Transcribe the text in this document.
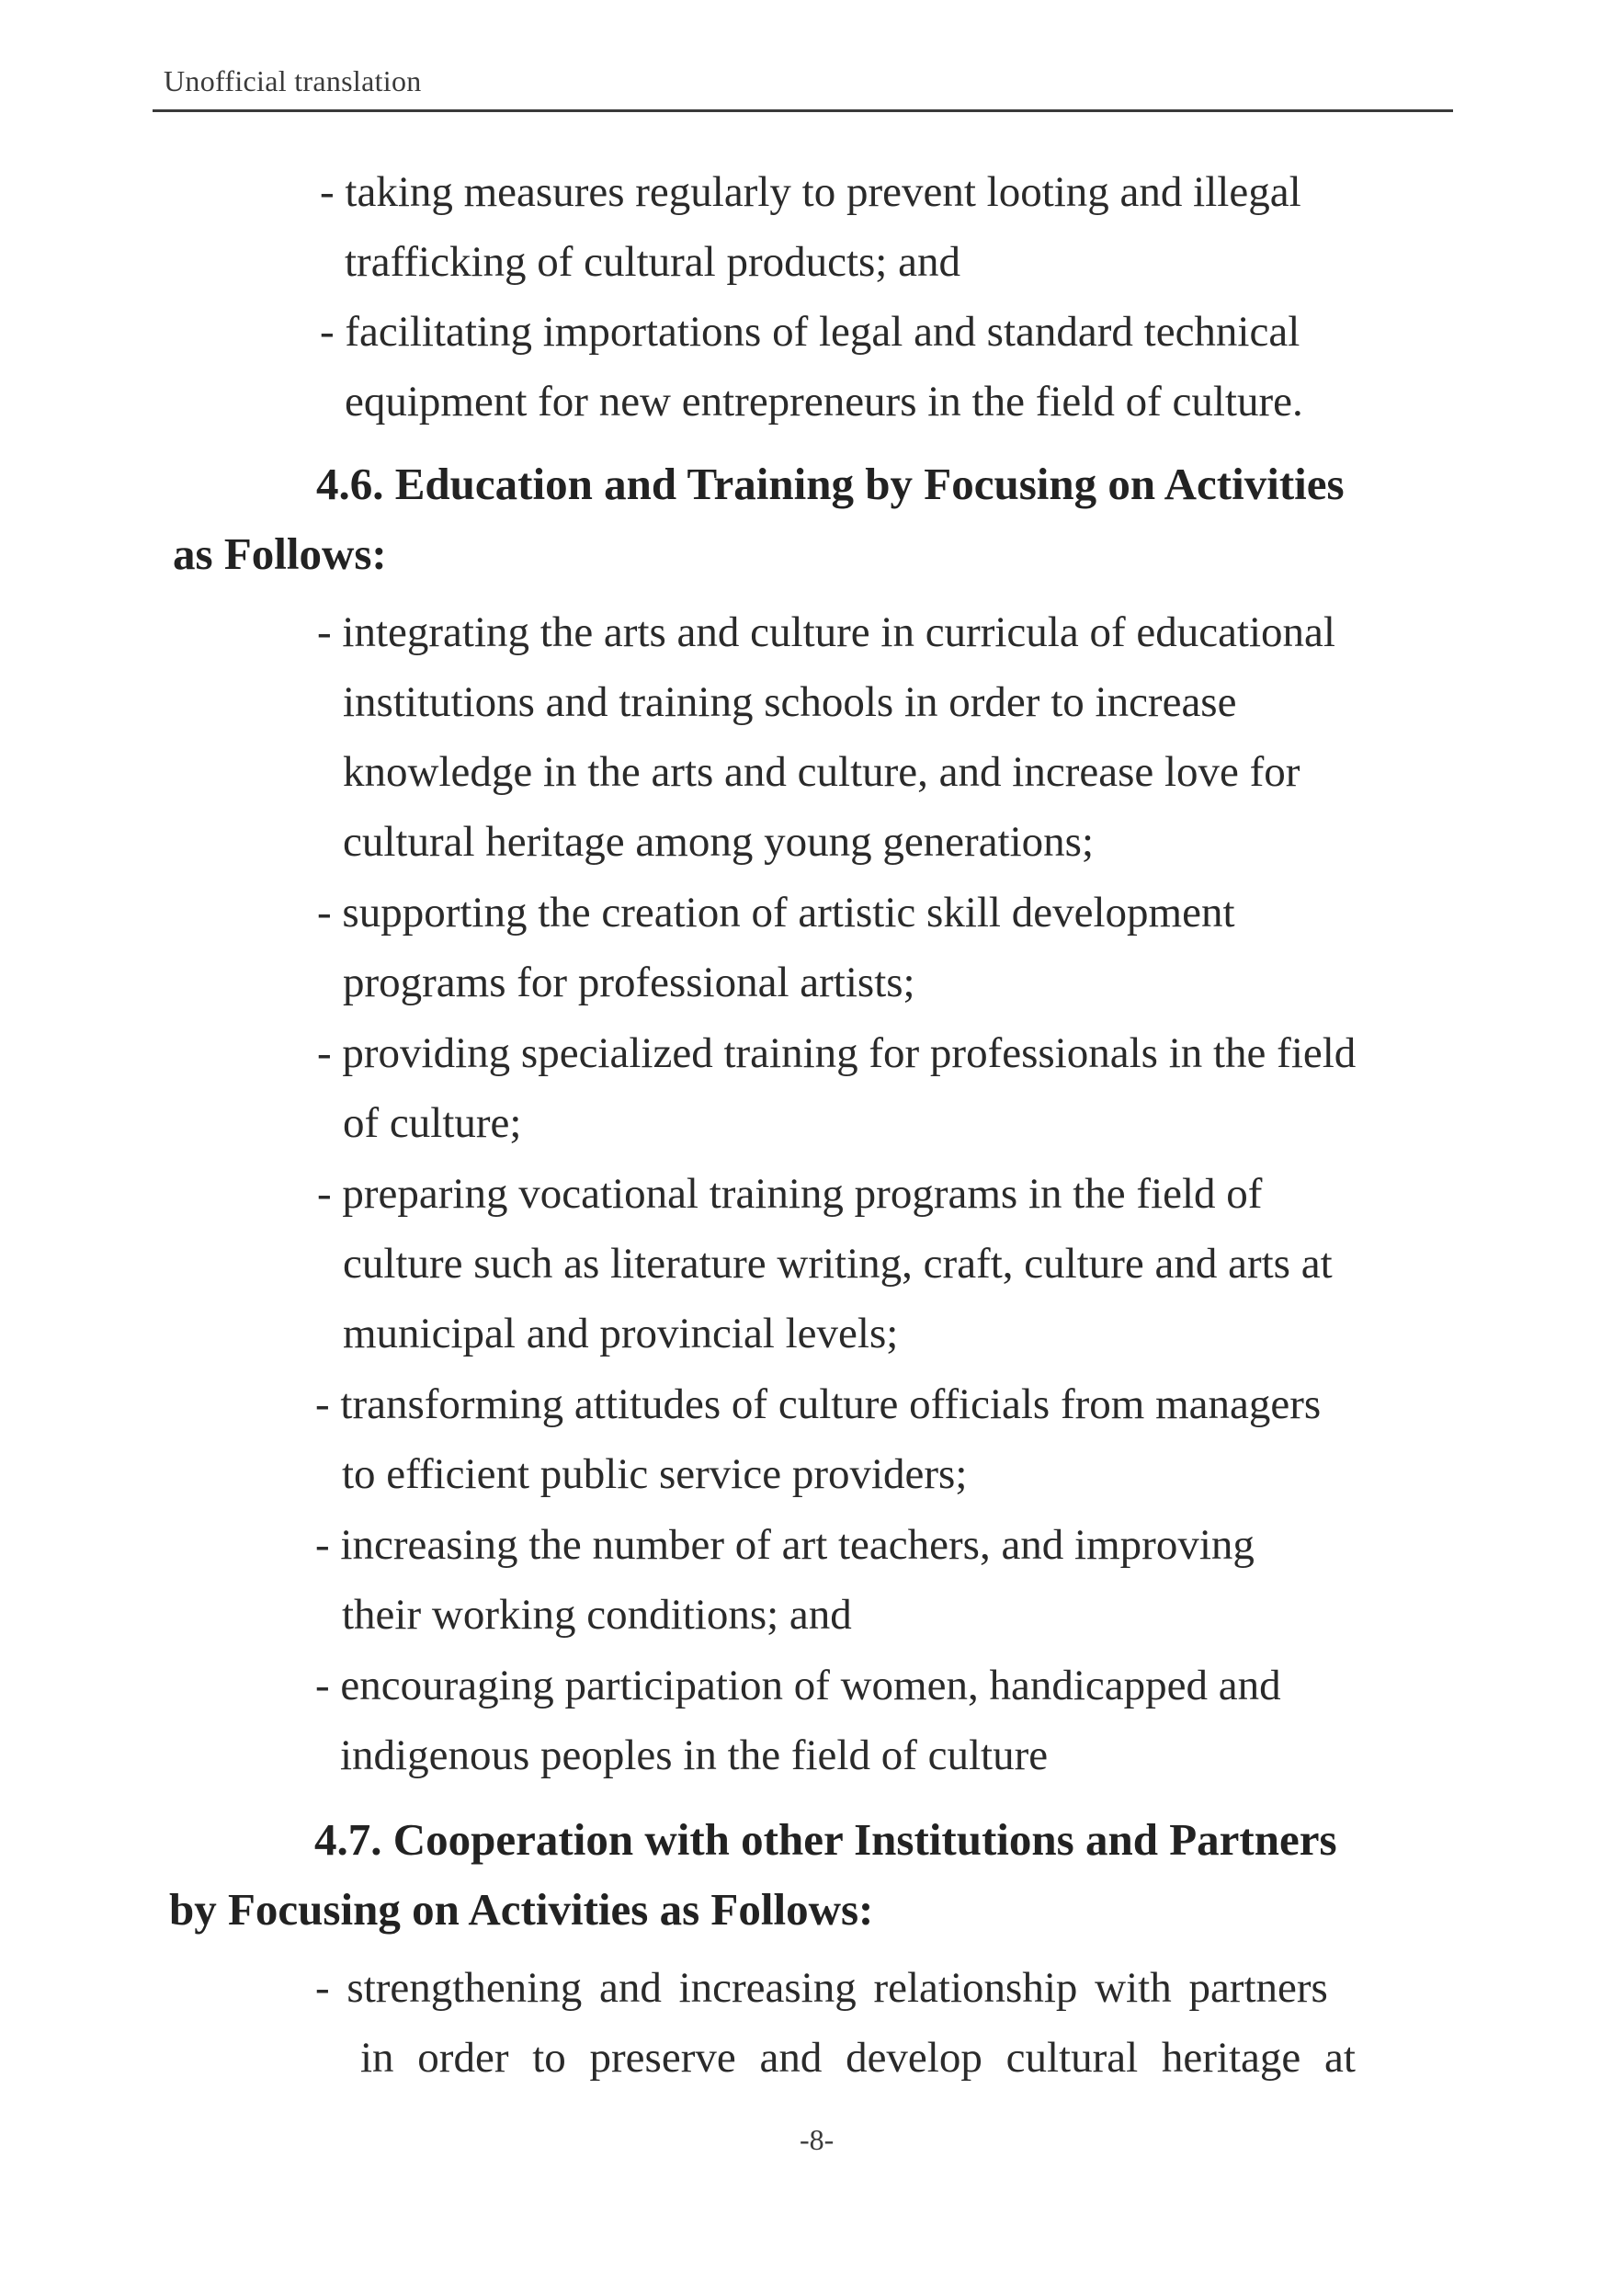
Unofficial translation
- taking measures regularly to prevent looting and illegal
trafficking of cultural products; and
- facilitating importations of legal and standard technical
equipment for new entrepreneurs in the field of culture.
4.6. Education and Training by Focusing on Activities
as Follows:
- integrating the arts and culture in curricula of educational
institutions and training schools in order to increase
knowledge in the arts and culture, and increase love for
cultural heritage among young generations;
- supporting the creation of artistic skill development
programs for professional artists;
- providing specialized training for professionals in the field
of culture;
- preparing vocational training programs in the field of
culture such as literature writing, craft, culture and arts at
municipal and provincial levels;
- transforming attitudes of culture officials from managers
to efficient public service providers;
- increasing the number of art teachers, and improving
their working conditions; and
- encouraging participation of women, handicapped and
indigenous peoples in the field of culture
4.7. Cooperation with other Institutions and Partners
by Focusing on Activities as Follows:
- strengthening and increasing relationship with partners
in order to preserve and develop cultural heritage at
-8-
